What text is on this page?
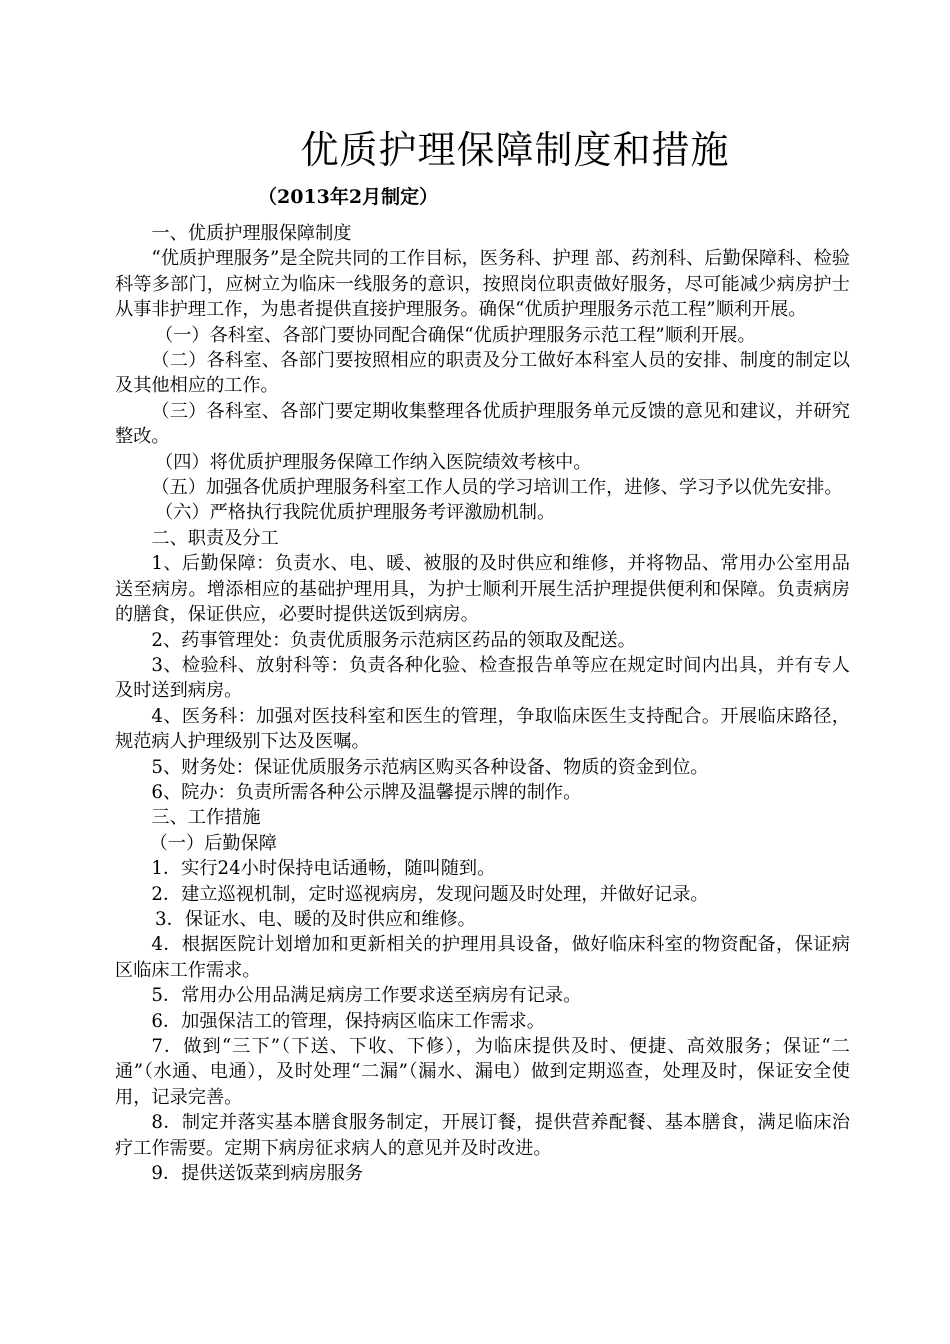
优质护理保障制度和措施
（2013年2月制定）

一、优质护理服保障制度

“优质护理服务”是全院共同的工作目标，医务科、护理 部、药剂科、后勤保障科、检验科等多部门，应树立为临床一线服务的意识，按照岗位职责做好服务，尽可能减少病房护士从事非护理工作，为患者提供直接护理服务。确保“优质护理服务示范工程”顺利开展。

（一）各科室、各部门要协同配合确保“优质护理服务示范工程”顺利开展。

（二）各科室、各部门要按照相应的职责及分工做好本科室人员的安排、制度的制定以及其他相应的工作。

（三）各科室、各部门要定期收集整理各优质护理服务单元反馈的意见和建议，并研究整改。

（四）将优质护理服务保障工作纳入医院绩效考核中。

（五）加强各优质护理服务科室工作人员的学习培训工作，进修、学习予以优先安排。

（六）严格执行我院优质护理服务考评激励机制。

二、职责及分工

1、后勤保障：负责水、电、暖、被服的及时供应和维修，并将物品、常用办公室用品送至病房。增添相应的基础护理用具，为护士顺利开展生活护理提供便利和保障。负责病房的膳食，保证供应，必要时提供送饭到病房。

2、药事管理处：负责优质服务示范病区药品的领取及配送。

3、检验科、放射科等：负责各种化验、检查报告单等应在规定时间内出具，并有专人及时送到病房。

4、医务科：加强对医技科室和医生的管理，争取临床医生支持配合。开展临床路径，规范病人护理级别下达及医嘱。

5、财务处：保证优质服务示范病区购买各种设备、物质的资金到位。

6、院办：负责所需各种公示牌及温馨提示牌的制作。

三、工作措施

（一）后勤保障

1．实行24小时保持电话通畅，随叫随到。

2．建立巡视机制，定时巡视病房，发现问题及时处理，并做好记录。

3．保证水、电、暖的及时供应和维修。

4．根据医院计划增加和更新相关的护理用具设备，做好临床科室的物资配备，保证病区临床工作需求。

5．常用办公用品满足病房工作要求送至病房有记录。

6．加强保洁工的管理，保持病区临床工作需求。

7．做到“三下”（下送、下收、下修），为临床提供及时、便捷、高效服务；保证“二通”（水通、电通），及时处理“二漏”（漏水、漏电）做到定期巡查，处理及时，保证安全使用，记录完善。

8．制定并落实基本膳食服务制定，开展订餐，提供营养配餐、基本膳食，满足临床治疗工作需要。定期下病房征求病人的意见并及时改进。

9．提供送饭菜到病房服务
